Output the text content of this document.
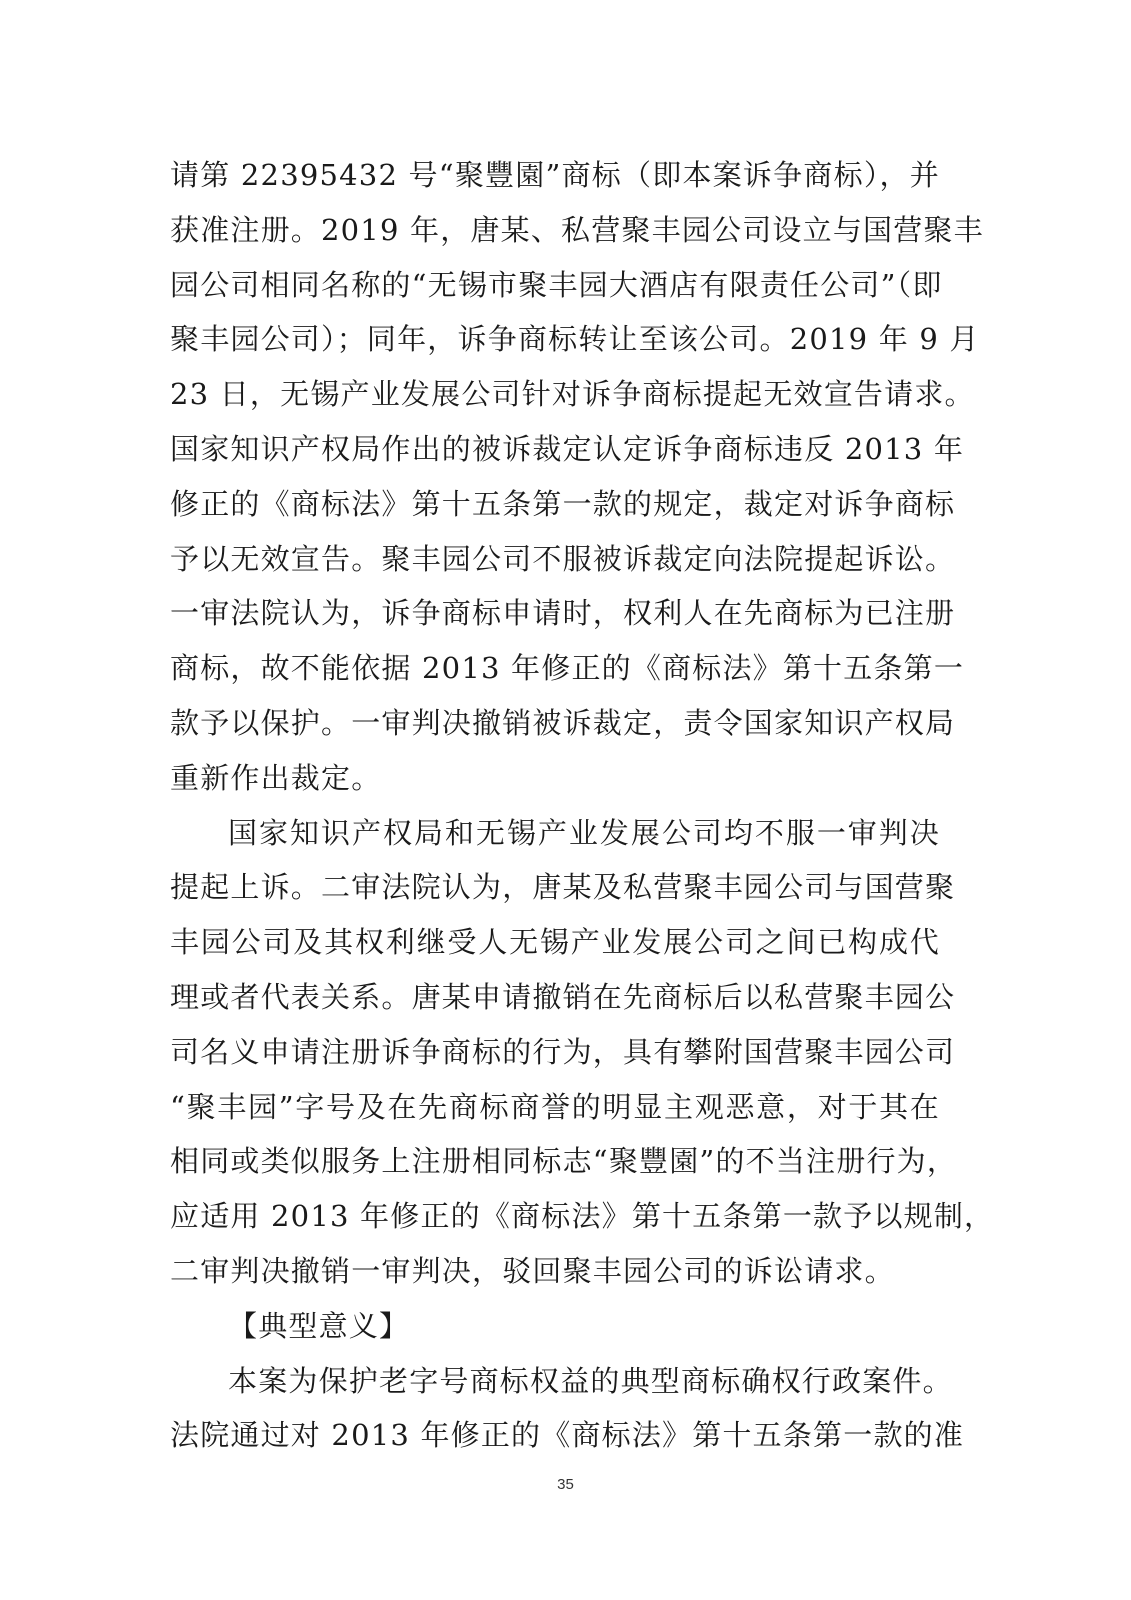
请第 22395432 号“聚豐園”商标（即本案诉争商标），并
获准注册。2019 年，唐某、私营聚丰园公司设立与国营聚丰
园公司相同名称的“无锡市聚丰园大酒店有限责任公司”（即
聚丰园公司）；同年，诉争商标转让至该公司。2019 年 9 月
23 日，无锡产业发展公司针对诉争商标提起无效宣告请求。
国家知识产权局作出的被诉裁定认定诉争商标违反 2013 年
修正的《商标法》第十五条第一款的规定，裁定对诉争商标
予以无效宣告。聚丰园公司不服被诉裁定向法院提起诉讼。
一审法院认为，诉争商标申请时，权利人在先商标为已注册
商标，故不能依据 2013 年修正的《商标法》第十五条第一
款予以保护。一审判决撤销被诉裁定，责令国家知识产权局
重新作出裁定。
国家知识产权局和无锡产业发展公司均不服一审判决
提起上诉。二审法院认为，唐某及私营聚丰园公司与国营聚
丰园公司及其权利继受人无锡产业发展公司之间已构成代
理或者代表关系。唐某申请撤销在先商标后以私营聚丰园公
司名义申请注册诉争商标的行为，具有攀附国营聚丰园公司
“聚丰园”字号及在先商标商誉的明显主观恶意，对于其在
相同或类似服务上注册相同标志“聚豐園”的不当注册行为，
应适用 2013 年修正的《商标法》第十五条第一款予以规制，
二审判决撤销一审判决，驳回聚丰园公司的诉讼请求。
【典型意义】
本案为保护老字号商标权益的典型商标确权行政案件。
法院通过对 2013 年修正的《商标法》第十五条第一款的准
35
